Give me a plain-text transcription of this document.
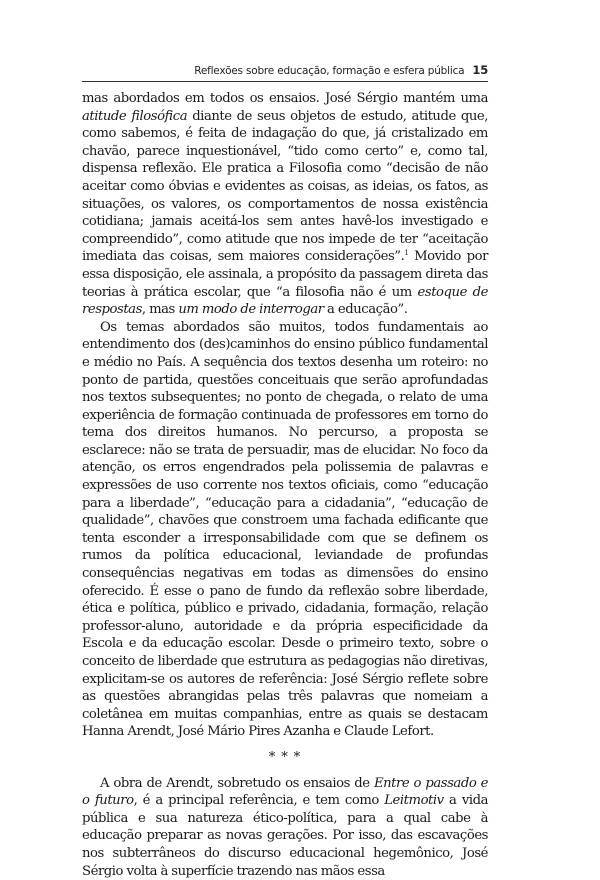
Reflexões sobre educação, formação e esfera pública 15

mas abordados em todos os ensaios. José Sérgio mantém uma atitude filosófica diante de seus objetos de estudo, atitude que, como sabemos, é feita de indagação do que, já cristalizado em chavão, parece inquestionável, “tido como certo” e, como tal, dispensa reflexão. Ele pratica a Filosofia como “decisão de não aceitar como óbvias e evidentes as coisas, as ideias, os fatos, as situações, os valores, os comportamentos de nossa existência cotidiana; jamais aceitá-los sem antes havê-los investigado e compreendido”, como atitude que nos impede de ter “aceitação imediata das coisas, sem maiores considerações”.$^1$ Movido por essa disposição, ele assinala, a propósito da passagem direta das teorias à prática escolar, que “a filosofia não é um estoque de respostas, mas um modo de interrogar a educação”.

Os temas abordados são muitos, todos fundamentais ao entendimento dos (des)caminhos do ensino público fundamental e médio no País. A sequência dos textos desenha um roteiro: no ponto de partida, questões conceituais que serão aprofundadas nos textos subsequentes; no ponto de chegada, o relato de uma experiência de formação continuada de professores em torno do tema dos direitos humanos. No percurso, a proposta se esclarece: não se trata de persuadir, mas de elucidar. No foco da atenção, os erros engendrados pela polissemia de palavras e expressões de uso corrente nos textos oficiais, como “educação para a liberdade”, “educação para a cidadania”, “educação de qualidade”, chavões que constroem uma fachada edificante que tenta esconder a irresponsabilidade com que se definem os rumos da política educacional, leviandade de profundas consequências negativas em todas as dimensões do ensino oferecido. É esse o pano de fundo da reflexão sobre liberdade, ética e política, público e privado, cidadania, formação, relação professor-aluno, autoridade e da própria especificidade da Escola e da educação escolar. Desde o primeiro texto, sobre o conceito de liberdade que estrutura as pedagogias não diretivas, explicitam-se os autores de referência: José Sérgio reflete sobre as questões abrangidas pelas três palavras que nomeiam a coletânea em muitas companhias, entre as quais se destacam Hanna Arendt, José Mário Pires Azanha e Claude Lefort.

* * *

A obra de Arendt, sobretudo os ensaios de Entre o passado e o futuro, é a principal referência, e tem como Leitmotiv a vida pública e sua natureza ético-política, para a qual cabe à educação preparar as novas gerações. Por isso, das escavações nos subterrâneos do discurso educacional hegemônico, José Sérgio volta à superfície trazendo nas mãos essa
